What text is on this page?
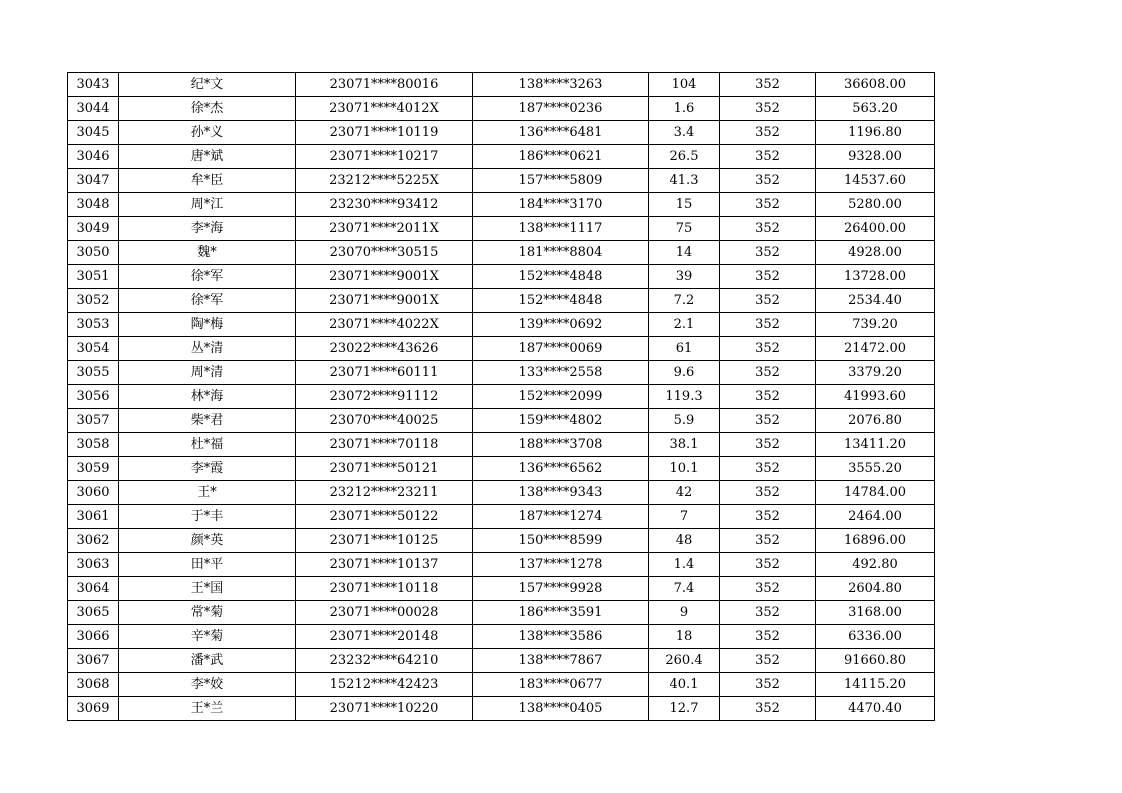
3043	纪*文	23071****80016	138****3263	104	352	36608.00
3044	徐*杰	23071****4012X	187****0236	1.6	352	563.20
3045	孙*义	23071****10119	136****6481	3.4	352	1196.80
3046	唐*斌	23071****10217	186****0621	26.5	352	9328.00
3047	牟*臣	23212****5225X	157****5809	41.3	352	14537.60
3048	周*江	23230****93412	184****3170	15	352	5280.00
3049	李*海	23071****2011X	138****1117	75	352	26400.00
3050	魏*	23070****30515	181****8804	14	352	4928.00
3051	徐*军	23071****9001X	152****4848	39	352	13728.00
3052	徐*军	23071****9001X	152****4848	7.2	352	2534.40
3053	陶*梅	23071****4022X	139****0692	2.1	352	739.20
3054	丛*清	23022****43626	187****0069	61	352	21472.00
3055	周*清	23071****60111	133****2558	9.6	352	3379.20
3056	林*海	23072****91112	152****2099	119.3	352	41993.60
3057	柴*君	23070****40025	159****4802	5.9	352	2076.80
3058	杜*福	23071****70118	188****3708	38.1	352	13411.20
3059	李*霞	23071****50121	136****6562	10.1	352	3555.20
3060	王*	23212****23211	138****9343	42	352	14784.00
3061	于*丰	23071****50122	187****1274	7	352	2464.00
3062	颜*英	23071****10125	150****8599	48	352	16896.00
3063	田*平	23071****10137	137****1278	1.4	352	492.80
3064	王*国	23071****10118	157****9928	7.4	352	2604.80
3065	常*菊	23071****00028	186****3591	9	352	3168.00
3066	辛*菊	23071****20148	138****3586	18	352	6336.00
3067	潘*武	23232****64210	138****7867	260.4	352	91660.80
3068	李*姣	15212****42423	183****0677	40.1	352	14115.20
3069	王*兰	23071****10220	138****0405	12.7	352	4470.40
